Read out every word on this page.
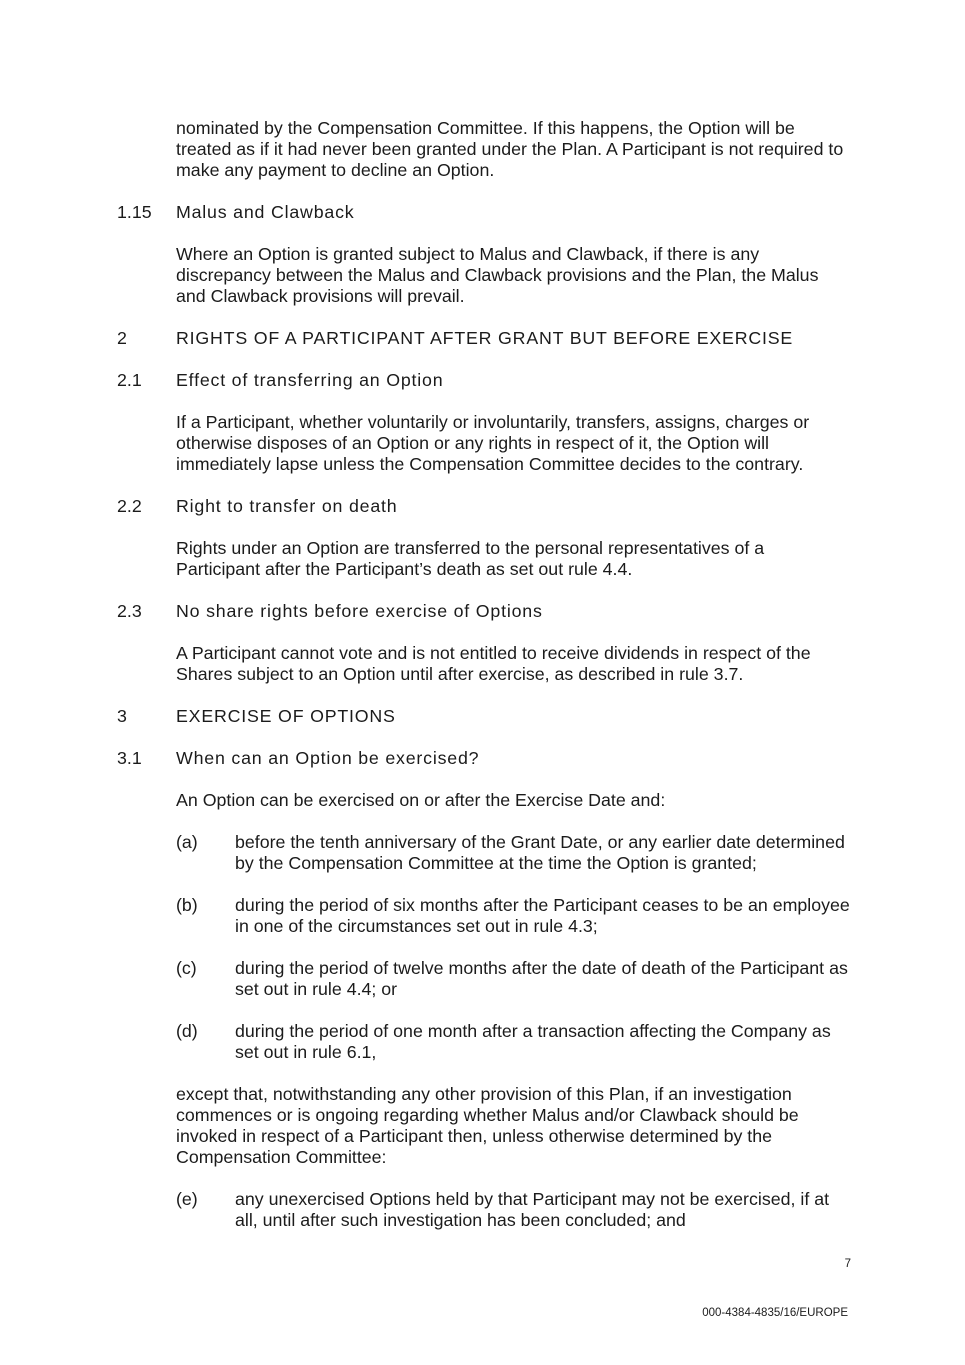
nominated by the Compensation Committee. If this happens, the Option will be treated as if it had never been granted under the Plan. A Participant is not required to make any payment to decline an Option.

1.15	Malus and Clawback

Where an Option is granted subject to Malus and Clawback, if there is any discrepancy between the Malus and Clawback provisions and the Plan, the Malus and Clawback provisions will prevail.

2	RIGHTS OF A PARTICIPANT AFTER GRANT BUT BEFORE EXERCISE
2.1	Effect of transferring an Option

If a Participant, whether voluntarily or involuntarily, transfers, assigns, charges or otherwise disposes of an Option or any rights in respect of it, the Option will immediately lapse unless the Compensation Committee decides to the contrary.

2.2	Right to transfer on death

Rights under an Option are transferred to the personal representatives of a Participant after the Participant’s death as set out rule 4.4.

2.3	No share rights before exercise of Options

A Participant cannot vote and is not entitled to receive dividends in respect of the Shares subject to an Option until after exercise, as described in rule 3.7.

3	EXERCISE OF OPTIONS
3.1	When can an Option be exercised?

An Option can be exercised on or after the Exercise Date and:

(a)	before the tenth anniversary of the Grant Date, or any earlier date determined by the Compensation Committee at the time the Option is granted;

(b)	during the period of six months after the Participant ceases to be an employee in one of the circumstances set out in rule 4.3;

(c)	during the period of twelve months after the date of death of the Participant as set out in rule 4.4; or

(d)	during the period of one month after a transaction affecting the Company as set out in rule 6.1,

except that, notwithstanding any other provision of this Plan, if an investigation commences or is ongoing regarding whether Malus and/or Clawback should be invoked in respect of a Participant then, unless otherwise determined by the Compensation Committee:

(e)	any unexercised Options held by that Participant may not be exercised, if at all, until after such investigation has been concluded; and

7
000-4384-4835/16/EUROPE
